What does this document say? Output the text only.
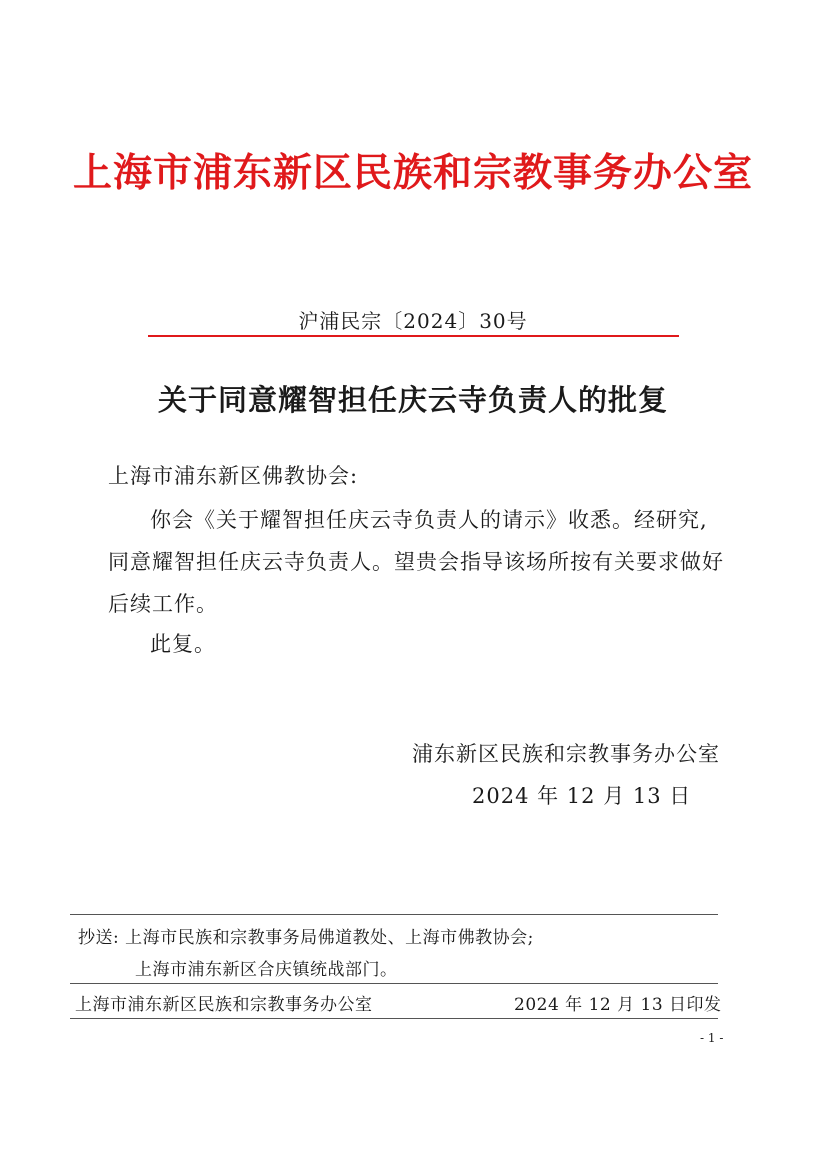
上海市浦东新区民族和宗教事务办公室
沪浦民宗〔2024〕30号
关于同意耀智担任庆云寺负责人的批复
上海市浦东新区佛教协会:
你会《关于耀智担任庆云寺负责人的请示》收悉。经研究,
同意耀智担任庆云寺负责人。望贵会指导该场所按有关要求做好
后续工作。
此复。
浦东新区民族和宗教事务办公室
2024 年 12 月 13 日
抄送: 上海市民族和宗教事务局佛道教处、上海市佛教协会;
上海市浦东新区合庆镇统战部门。
上海市浦东新区民族和宗教事务办公室	2024 年 12 月 13 日印发
- 1 -
